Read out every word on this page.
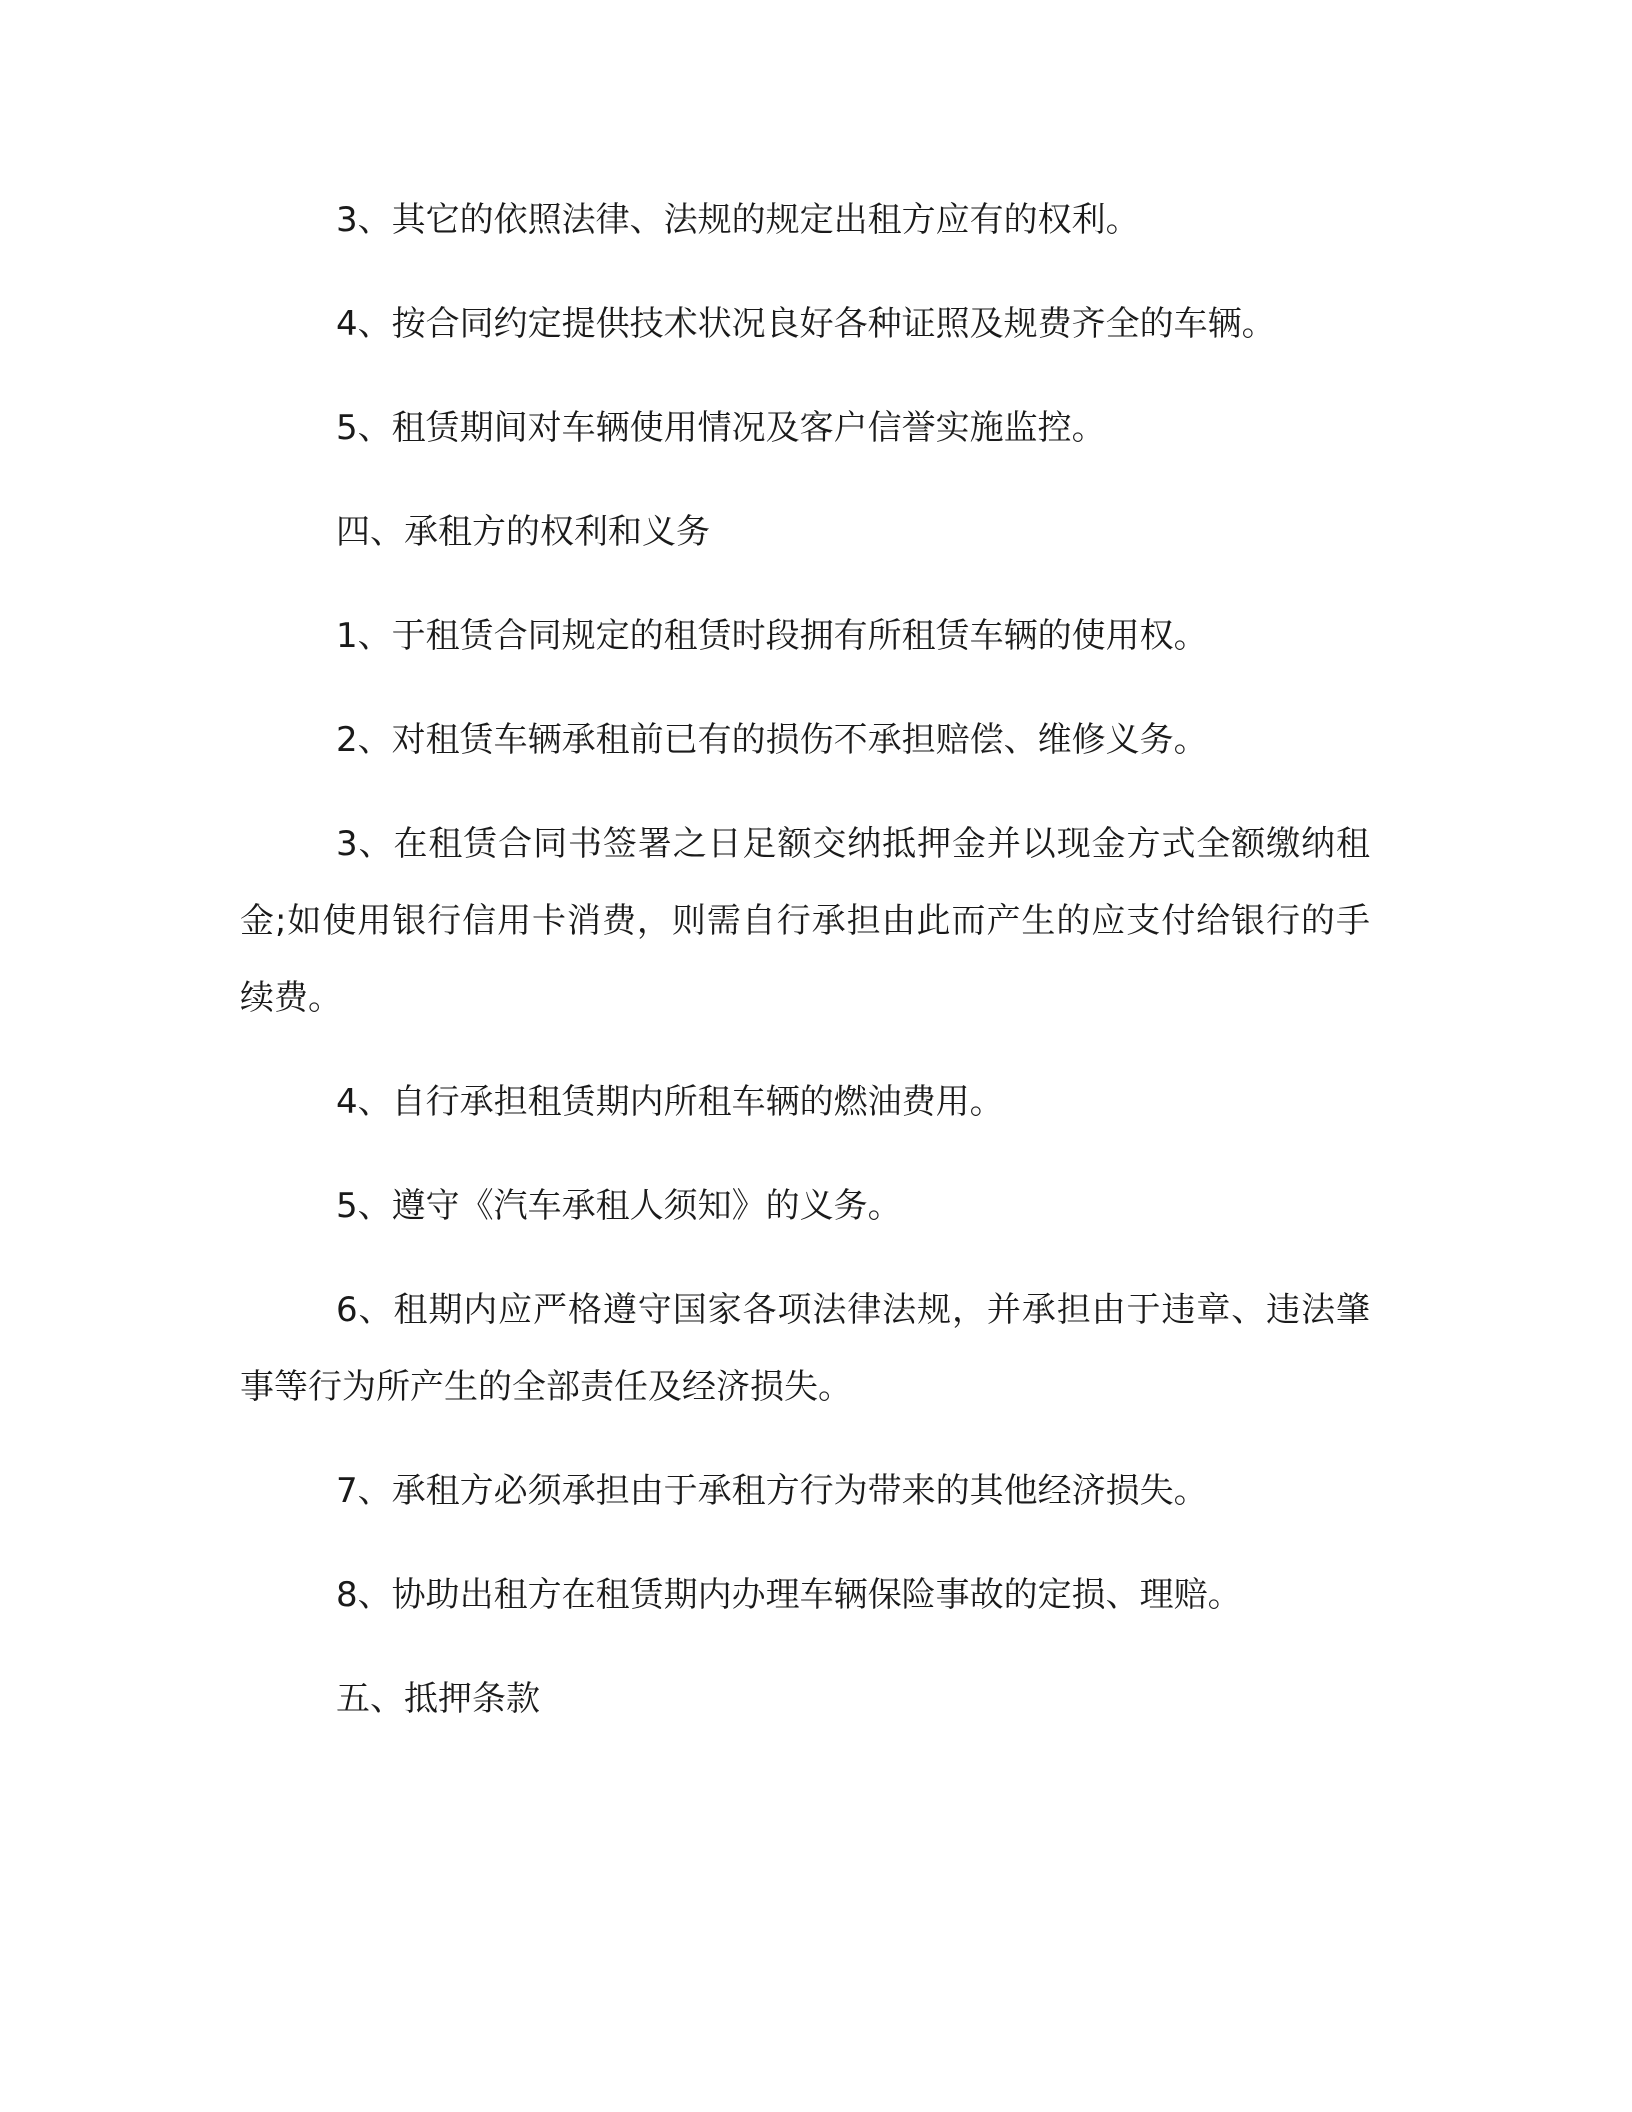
3、其它的依照法律、法规的规定出租方应有的权利。

4、按合同约定提供技术状况良好各种证照及规费齐全的车辆。

5、租赁期间对车辆使用情况及客户信誉实施监控。

四、承租方的权利和义务

1、于租赁合同规定的租赁时段拥有所租赁车辆的使用权。

2、对租赁车辆承租前已有的损伤不承担赔偿、维修义务。

3、在租赁合同书签署之日足额交纳抵押金并以现金方式全额缴纳租金;如使用银行信用卡消费，则需自行承担由此而产生的应支付给银行的手续费。

4、自行承担租赁期内所租车辆的燃油费用。

5、遵守《汽车承租人须知》的义务。

6、租期内应严格遵守国家各项法律法规，并承担由于违章、违法肇事等行为所产生的全部责任及经济损失。

7、承租方必须承担由于承租方行为带来的其他经济损失。

8、协助出租方在租赁期内办理车辆保险事故的定损、理赔。

五、抵押条款
